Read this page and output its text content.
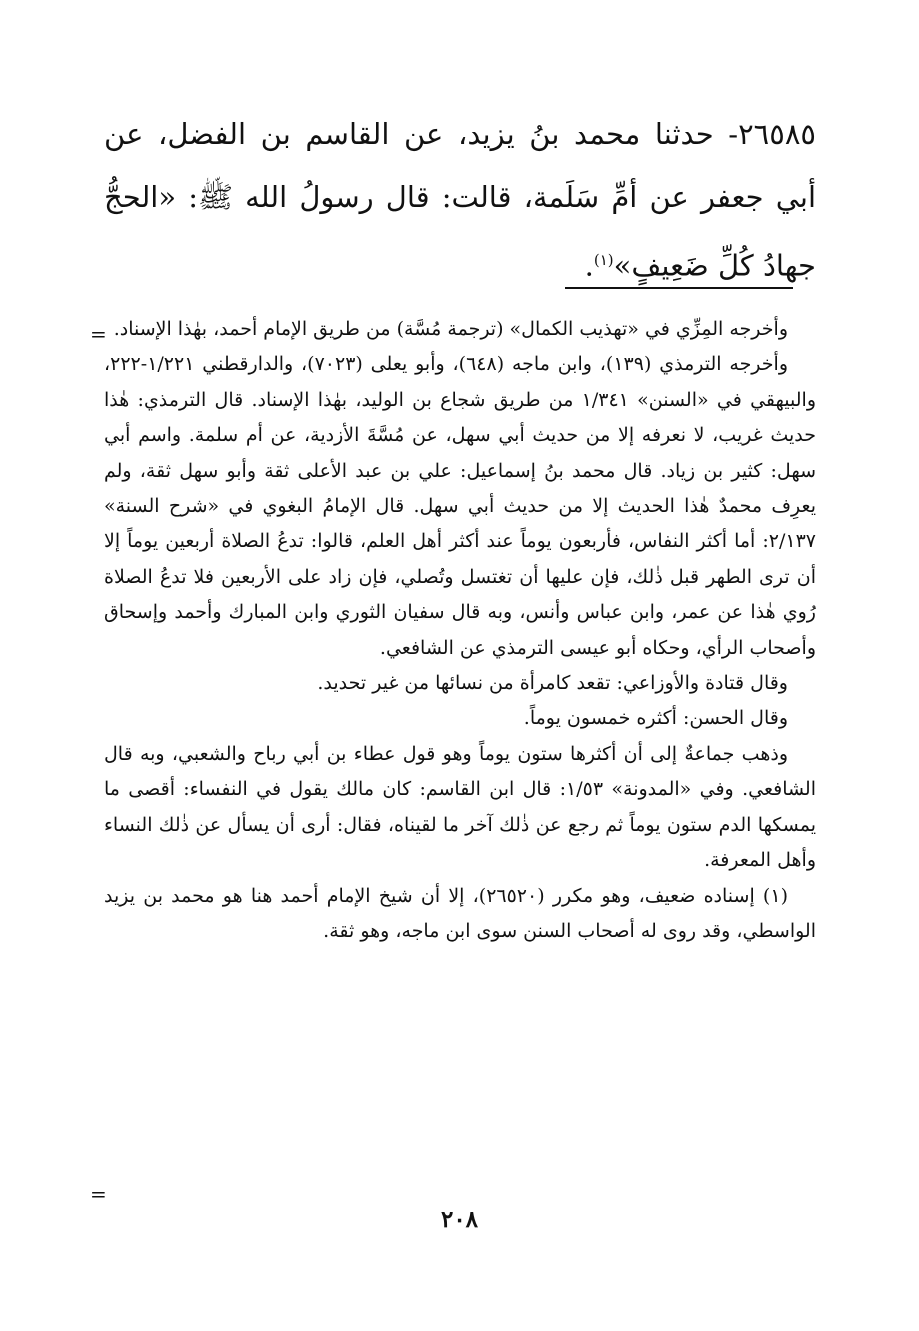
٢٦٥٨٥- حدثنا محمد بنُ يزيد، عن القاسم بن الفضل، عن أبي جعفر عن أمِّ سَلَمة، قالت: قال رسولُ الله ﷺ: «الحجُّ جهادُ كُلِّ ضَعِيفٍ»$^{(١)}$.

= وأخرجه المِزِّي في «تهذيب الكمال» (ترجمة مُسَّة) من طريق الإمام أحمد، بهٰذا الإسناد.

وأخرجه الترمذي (١٣٩)، وابن ماجه (٦٤٨)، وأبو يعلى (٧٠٢٣)، والدارقطني ١/٢٢١-٢٢٢، والبيهقي في «السنن» ١/٣٤١ من طريق شجاع بن الوليد، بهٰذا الإسناد. قال الترمذي: هٰذا حديث غريب، لا نعرفه إلا من حديث أبي سهل، عن مُسَّةَ الأزدية، عن أم سلمة. واسم أبي سهل: كثير بن زياد. قال محمد بنُ إسماعيل: علي بن عبد الأعلى ثقة وأبو سهل ثقة، ولم يعرِف محمدٌ هٰذا الحديث إلا من حديث أبي سهل. قال الإمامُ البغوي في «شرح السنة» ٢/١٣٧: أما أكثر النفاس، فأربعون يوماً عند أكثر أهل العلم، قالوا: تدعُ الصلاة أربعين يوماً إلا أن ترى الطهر قبل ذٰلك، فإن عليها أن تغتسل وتُصلي، فإن زاد على الأربعين فلا تدعُ الصلاة رُوي هٰذا عن عمر، وابن عباس وأنس، وبه قال سفيان الثوري وابن المبارك وأحمد وإسحاق وأصحاب الرأي، وحكاه أبو عيسى الترمذي عن الشافعي.

وقال قتادة والأوزاعي: تقعد كامرأة من نسائها من غير تحديد.

وقال الحسن: أكثره خمسون يوماً.

وذهب جماعةٌ إلى أن أكثرها ستون يوماً وهو قول عطاء بن أبي رباح والشعبي، وبه قال الشافعي. وفي «المدونة» ١/٥٣: قال ابن القاسم: كان مالك يقول في النفساء: أقصى ما يمسكها الدم ستون يوماً ثم رجع عن ذٰلك آخر ما لقيناه، فقال: أرى أن يسأل عن ذٰلك النساء وأهل المعرفة.

(١) إسناده ضعيف، وهو مكرر (٢٦٥٢٠)، إلا أن شيخ الإمام أحمد هنا هو محمد بن يزيد الواسطي، وقد روى له أصحاب السنن سوى ابن ماجه، وهو ثقة.

=
٢٠٨
